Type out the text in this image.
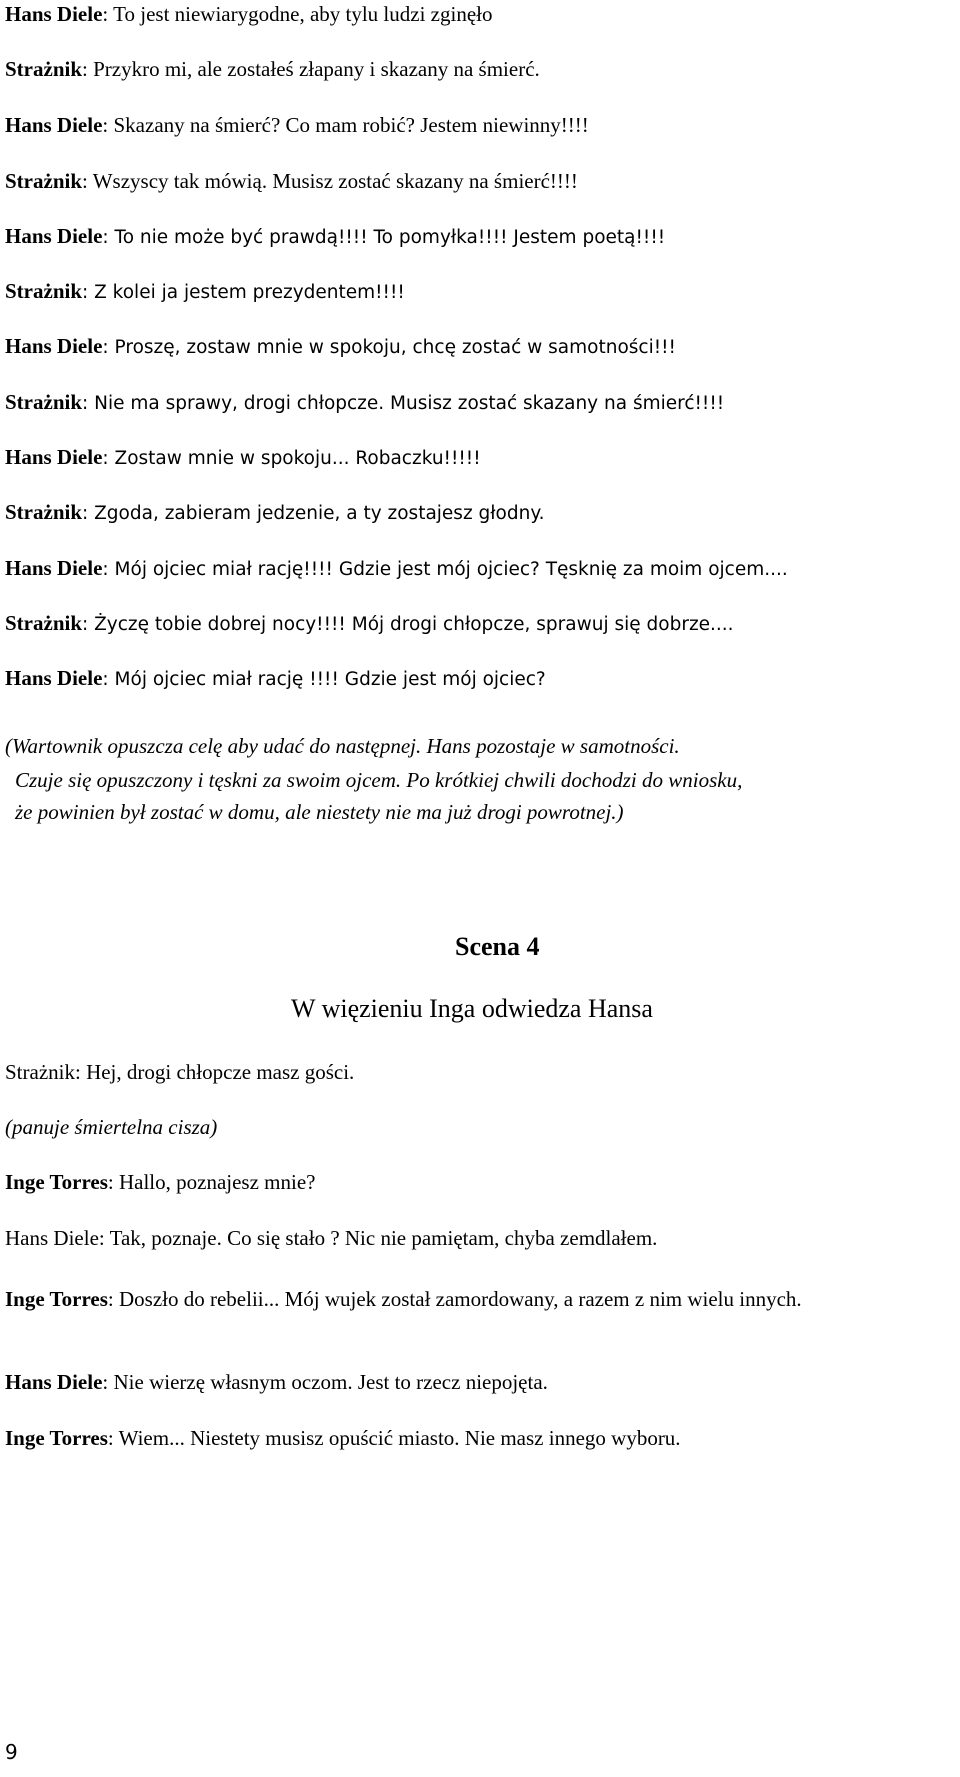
Hans Diele: To jest niewiarygodne, aby tylu ludzi zginęło
Strażnik: Przykro mi, ale zostałeś złapany i skazany na śmierć.
Hans Diele: Skazany na śmierć? Co mam robić? Jestem niewinny!!!!
Strażnik: Wszyscy tak mówią. Musisz zostać skazany na śmierć!!!!
Hans Diele: To nie może być prawdą!!!! To pomyłka!!!! Jestem poetą!!!!
Strażnik: Z kolei ja jestem prezydentem!!!!
Hans Diele: Proszę, zostaw mnie w spokoju, chcę zostać w samotności!!!
Strażnik: Nie ma sprawy, drogi chłopcze. Musisz zostać skazany na śmierć!!!!
Hans Diele: Zostaw mnie w spokoju... Robaczku!!!!!
Strażnik: Zgoda, zabieram jedzenie, a ty zostajesz głodny.
Hans Diele: Mój ojciec miał rację!!!! Gdzie jest mój ojciec? Tęsknię za moim ojcem....
Strażnik: Życzę tobie dobrej nocy!!!! Mój drogi chłopcze, sprawuj się dobrze....
Hans Diele: Mój ojciec miał rację !!!! Gdzie jest mój ojciec?
(Wartownik opuszcza celę aby udać do następnej. Hans pozostaje w samotności.
Czuje się opuszczony i tęskni za swoim ojcem. Po krótkiej chwili dochodzi do wniosku,
że powinien był zostać w domu, ale niestety nie ma już drogi powrotnej.)
Scena 4
W więzieniu Inga odwiedza Hansa
Strażnik: Hej, drogi chłopcze masz gości.
(panuje śmiertelna cisza)
Inge Torres: Hallo, poznajesz mnie?
Hans Diele: Tak, poznaje. Co się stało ? Nic nie pamiętam, chyba zemdlałem.
Inge Torres: Doszło do rebelii... Mój wujek został zamordowany, a razem z nim wielu innych.
Hans Diele: Nie wierzę własnym oczom. Jest to rzecz niepojęta.
Inge Torres: Wiem... Niestety musisz opuścić miasto. Nie masz innego wyboru.
9
